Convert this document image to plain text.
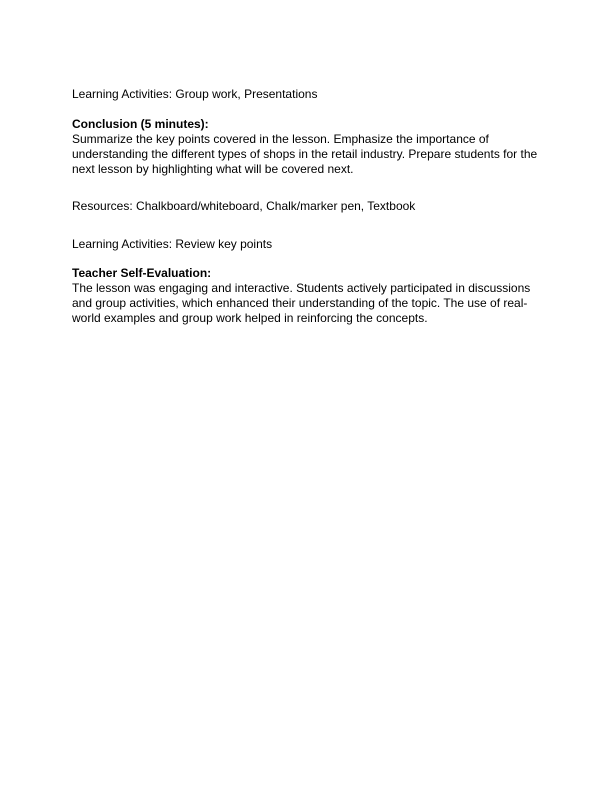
Learning Activities: Group work, Presentations

Conclusion (5 minutes):
Summarize the key points covered in the lesson. Emphasize the importance of understanding the different types of shops in the retail industry. Prepare students for the next lesson by highlighting what will be covered next.

Resources: Chalkboard/whiteboard, Chalk/marker pen, Textbook

Learning Activities: Review key points

Teacher Self-Evaluation:
The lesson was engaging and interactive. Students actively participated in discussions and group activities, which enhanced their understanding of the topic. The use of real-world examples and group work helped in reinforcing the concepts.
